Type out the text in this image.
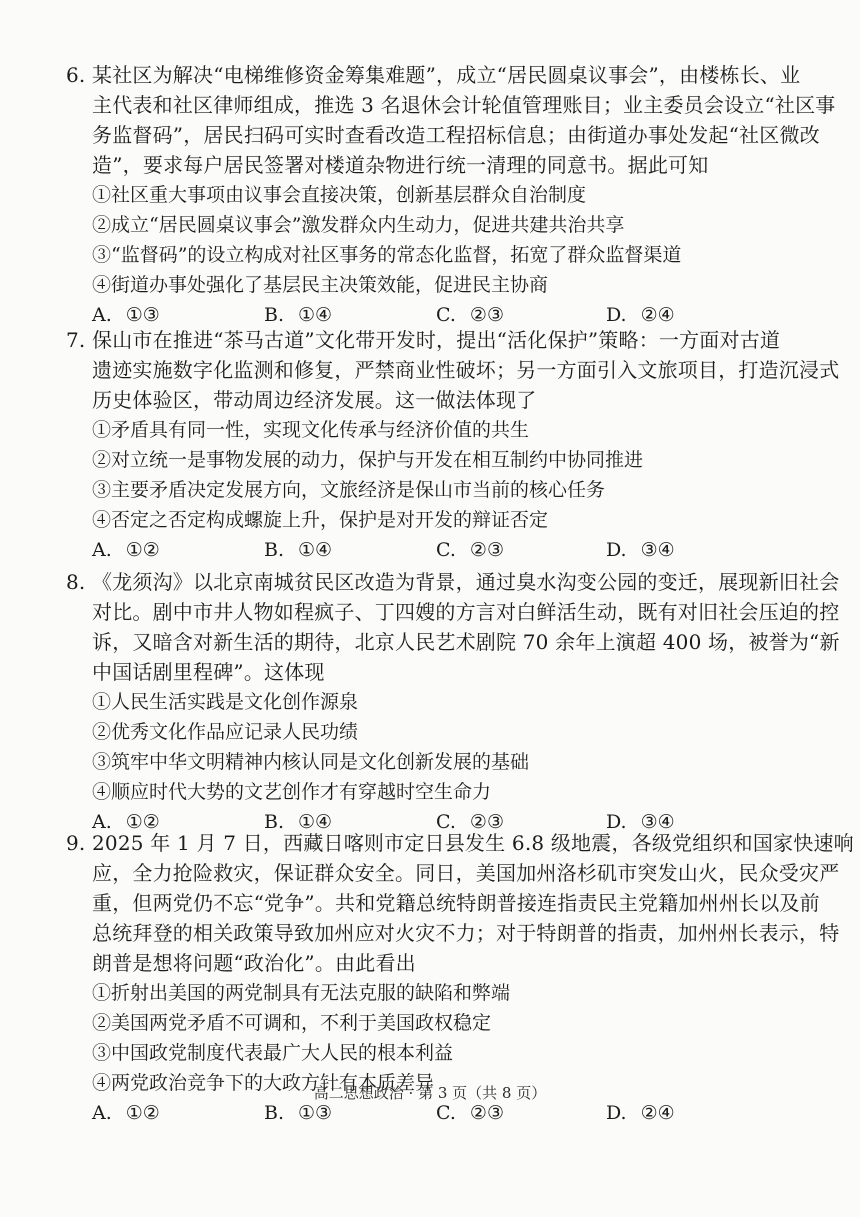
6. 某社区为解决“电梯维修资金筹集难题”，成立“居民圆桌议事会”，由楼栋长、业
主代表和社区律师组成，推选 3 名退休会计轮值管理账目；业主委员会设立“社区事
务监督码”，居民扫码可实时查看改造工程招标信息；由街道办事处发起“社区微改
造”，要求每户居民签署对楼道杂物进行统一清理的同意书。据此可知
①社区重大事项由议事会直接决策，创新基层群众自治制度
②成立“居民圆桌议事会”激发群众内生动力，促进共建共治共享
③“监督码”的设立构成对社区事务的常态化监督，拓宽了群众监督渠道
④街道办事处强化了基层民主决策效能，促进民主协商
A. ①③	B. ①④	C. ②③	D. ②④
7. 保山市在推进“茶马古道”文化带开发时，提出“活化保护”策略：一方面对古道
遗迹实施数字化监测和修复，严禁商业性破坏；另一方面引入文旅项目，打造沉浸式
历史体验区，带动周边经济发展。这一做法体现了
①矛盾具有同一性，实现文化传承与经济价值的共生
②对立统一是事物发展的动力，保护与开发在相互制约中协同推进
③主要矛盾决定发展方向，文旅经济是保山市当前的核心任务
④否定之否定构成螺旋上升，保护是对开发的辩证否定
A. ①②	B. ①④	C. ②③	D. ③④
8. 《龙须沟》以北京南城贫民区改造为背景，通过臭水沟变公园的变迁，展现新旧社会
对比。剧中市井人物如程疯子、丁四嫂的方言对白鲜活生动，既有对旧社会压迫的控
诉，又暗含对新生活的期待，北京人民艺术剧院 70 余年上演超 400 场，被誉为“新
中国话剧里程碑”。这体现
①人民生活实践是文化创作源泉
②优秀文化作品应记录人民功绩
③筑牢中华文明精神内核认同是文化创新发展的基础
④顺应时代大势的文艺创作才有穿越时空生命力
A. ①②	B. ①④	C. ②③	D. ③④
9. 2025 年 1 月 7 日，西藏日喀则市定日县发生 6.8 级地震，各级党组织和国家快速响
应，全力抢险救灾，保证群众安全。同日，美国加州洛杉矶市突发山火，民众受灾严
重，但两党仍不忘“党争”。共和党籍总统特朗普接连指责民主党籍加州州长以及前
总统拜登的相关政策导致加州应对火灾不力；对于特朗普的指责，加州州长表示，特
朗普是想将问题“政治化”。由此看出
①折射出美国的两党制具有无法克服的缺陷和弊端
②美国两党矛盾不可调和，不利于美国政权稳定
③中国政党制度代表最广大人民的根本利益
④两党政治竞争下的大政方针有本质差异
A. ①②	B. ①③	C. ②③	D. ②④
高二思想政治 · 第 3 页（共 8 页）
